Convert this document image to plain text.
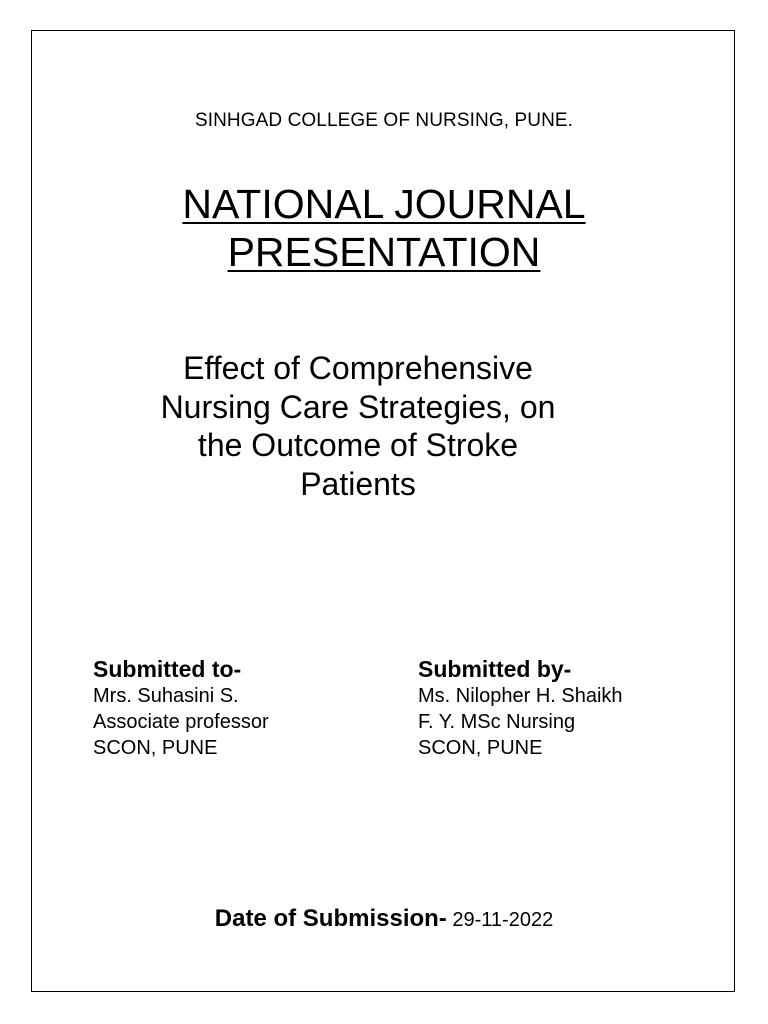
SINHGAD COLLEGE OF NURSING, PUNE.
NATIONAL JOURNAL
PRESENTATION
Effect of Comprehensive
Nursing Care Strategies, on
the Outcome of Stroke
Patients
Submitted to-
Mrs. Suhasini S.
Associate professor
SCON, PUNE
Submitted by-
Ms. Nilopher H. Shaikh
F. Y. MSc Nursing
SCON, PUNE
Date of Submission- 29-11-2022
